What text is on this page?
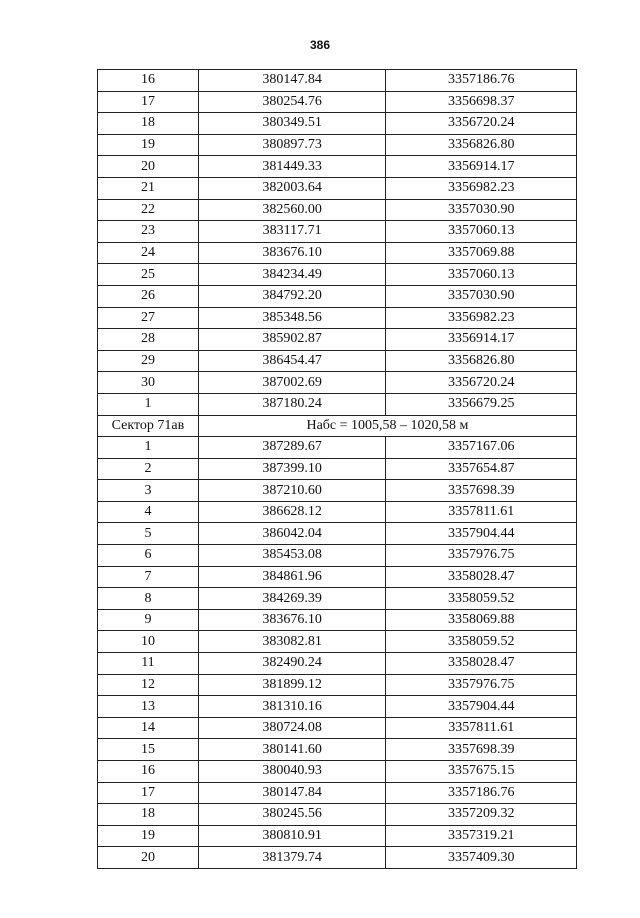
386
16	380147.84	3357186.76
17	380254.76	3356698.37
18	380349.51	3356720.24
19	380897.73	3356826.80
20	381449.33	3356914.17
21	382003.64	3356982.23
22	382560.00	3357030.90
23	383117.71	3357060.13
24	383676.10	3357069.88
25	384234.49	3357060.13
26	384792.20	3357030.90
27	385348.56	3356982.23
28	385902.87	3356914.17
29	386454.47	3356826.80
30	387002.69	3356720.24
1	387180.24	3356679.25
Сектор 71ав	Набс = 1005,58 – 1020,58 м	
1	387289.67	3357167.06
2	387399.10	3357654.87
3	387210.60	3357698.39
4	386628.12	3357811.61
5	386042.04	3357904.44
6	385453.08	3357976.75
7	384861.96	3358028.47
8	384269.39	3358059.52
9	383676.10	3358069.88
10	383082.81	3358059.52
11	382490.24	3358028.47
12	381899.12	3357976.75
13	381310.16	3357904.44
14	380724.08	3357811.61
15	380141.60	3357698.39
16	380040.93	3357675.15
17	380147.84	3357186.76
18	380245.56	3357209.32
19	380810.91	3357319.21
20	381379.74	3357409.30
